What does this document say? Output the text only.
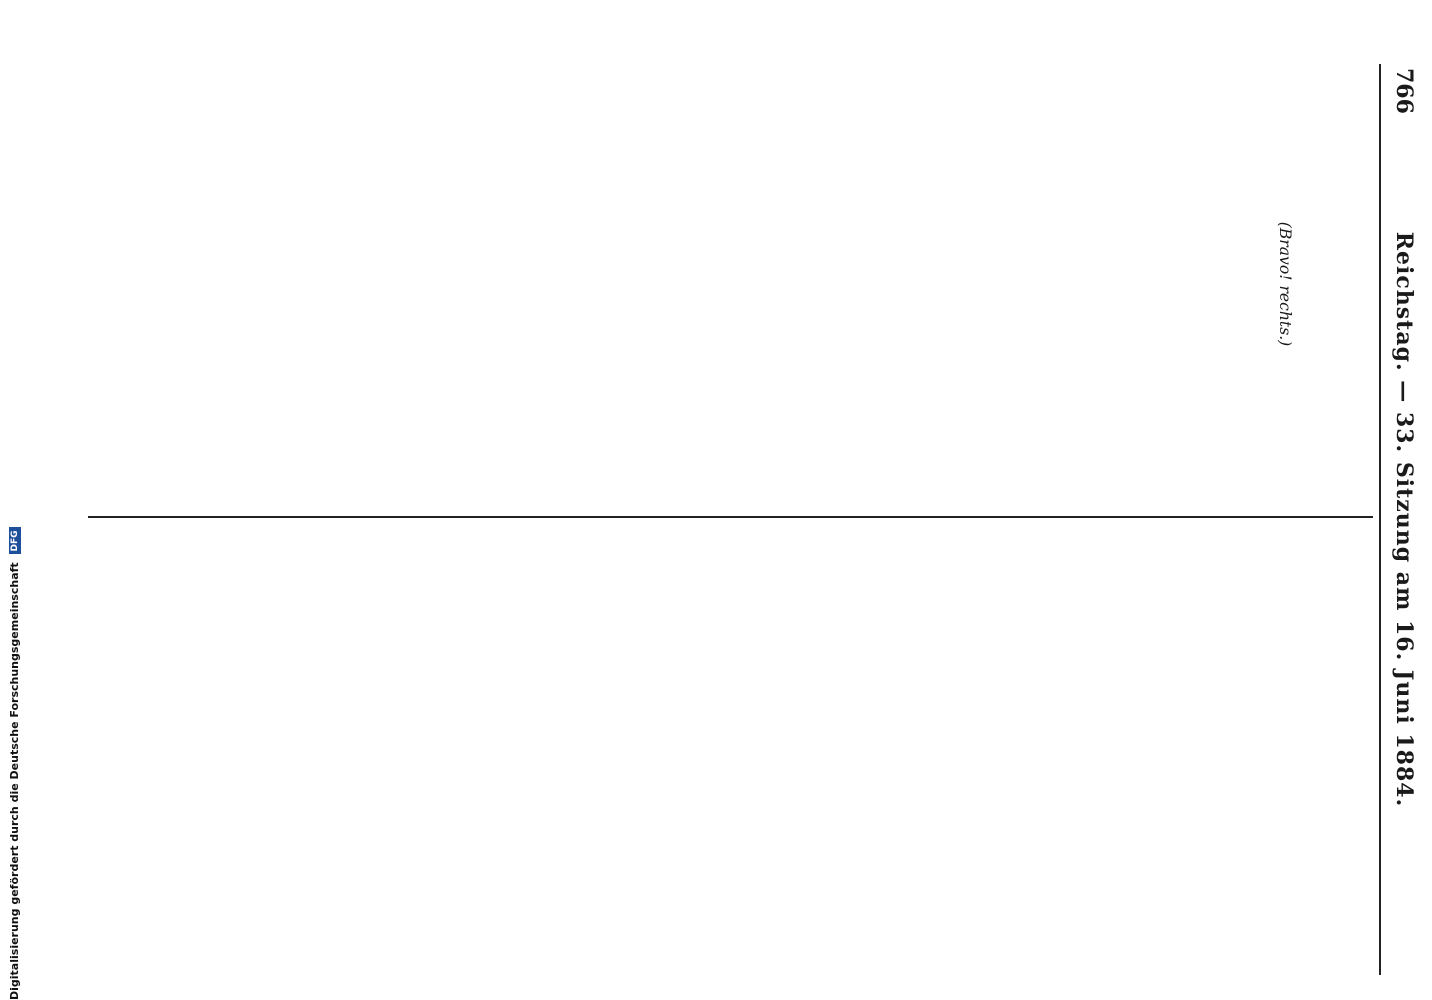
766
Reichstag. — 33. Sitzung am 16. Juni 1884.

(Bravo! rechts.)

Digitalisierung gefördert durch die Deutsche Forschungsgemeinschaft DFG
